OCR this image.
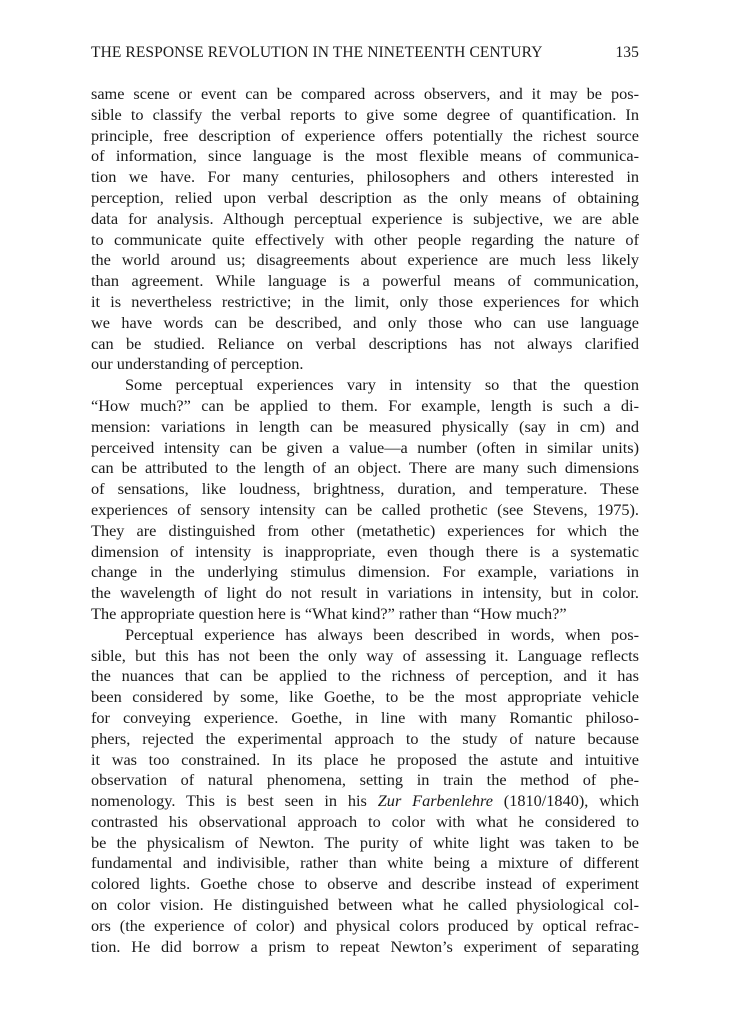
THE RESPONSE REVOLUTION IN THE NINETEENTH CENTURY	135
same scene or event can be compared across observers, and it may be pos-
sible to classify the verbal reports to give some degree of quantification. In
principle, free description of experience offers potentially the richest source
of information, since language is the most flexible means of communica-
tion we have. For many centuries, philosophers and others interested in
perception, relied upon verbal description as the only means of obtaining
data for analysis. Although perceptual experience is subjective, we are able
to communicate quite effectively with other people regarding the nature of
the world around us; disagreements about experience are much less likely
than agreement. While language is a powerful means of communication,
it is nevertheless restrictive; in the limit, only those experiences for which
we have words can be described, and only those who can use language
can be studied. Reliance on verbal descriptions has not always clarified
our understanding of perception.
Some perceptual experiences vary in intensity so that the question
“How much?” can be applied to them. For example, length is such a di-
mension: variations in length can be measured physically (say in cm) and
perceived intensity can be given a value—a number (often in similar units)
can be attributed to the length of an object. There are many such dimensions
of sensations, like loudness, brightness, duration, and temperature. These
experiences of sensory intensity can be called prothetic (see Stevens, 1975).
They are distinguished from other (metathetic) experiences for which the
dimension of intensity is inappropriate, even though there is a systematic
change in the underlying stimulus dimension. For example, variations in
the wavelength of light do not result in variations in intensity, but in color.
The appropriate question here is “What kind?” rather than “How much?”
Perceptual experience has always been described in words, when pos-
sible, but this has not been the only way of assessing it. Language reflects
the nuances that can be applied to the richness of perception, and it has
been considered by some, like Goethe, to be the most appropriate vehicle
for conveying experience. Goethe, in line with many Romantic philoso-
phers, rejected the experimental approach to the study of nature because
it was too constrained. In its place he proposed the astute and intuitive
observation of natural phenomena, setting in train the method of phe-
nomenology. This is best seen in his Zur Farbenlehre (1810/1840), which
contrasted his observational approach to color with what he considered to
be the physicalism of Newton. The purity of white light was taken to be
fundamental and indivisible, rather than white being a mixture of different
colored lights. Goethe chose to observe and describe instead of experiment
on color vision. He distinguished between what he called physiological col-
ors (the experience of color) and physical colors produced by optical refrac-
tion. He did borrow a prism to repeat Newton’s experiment of separating
